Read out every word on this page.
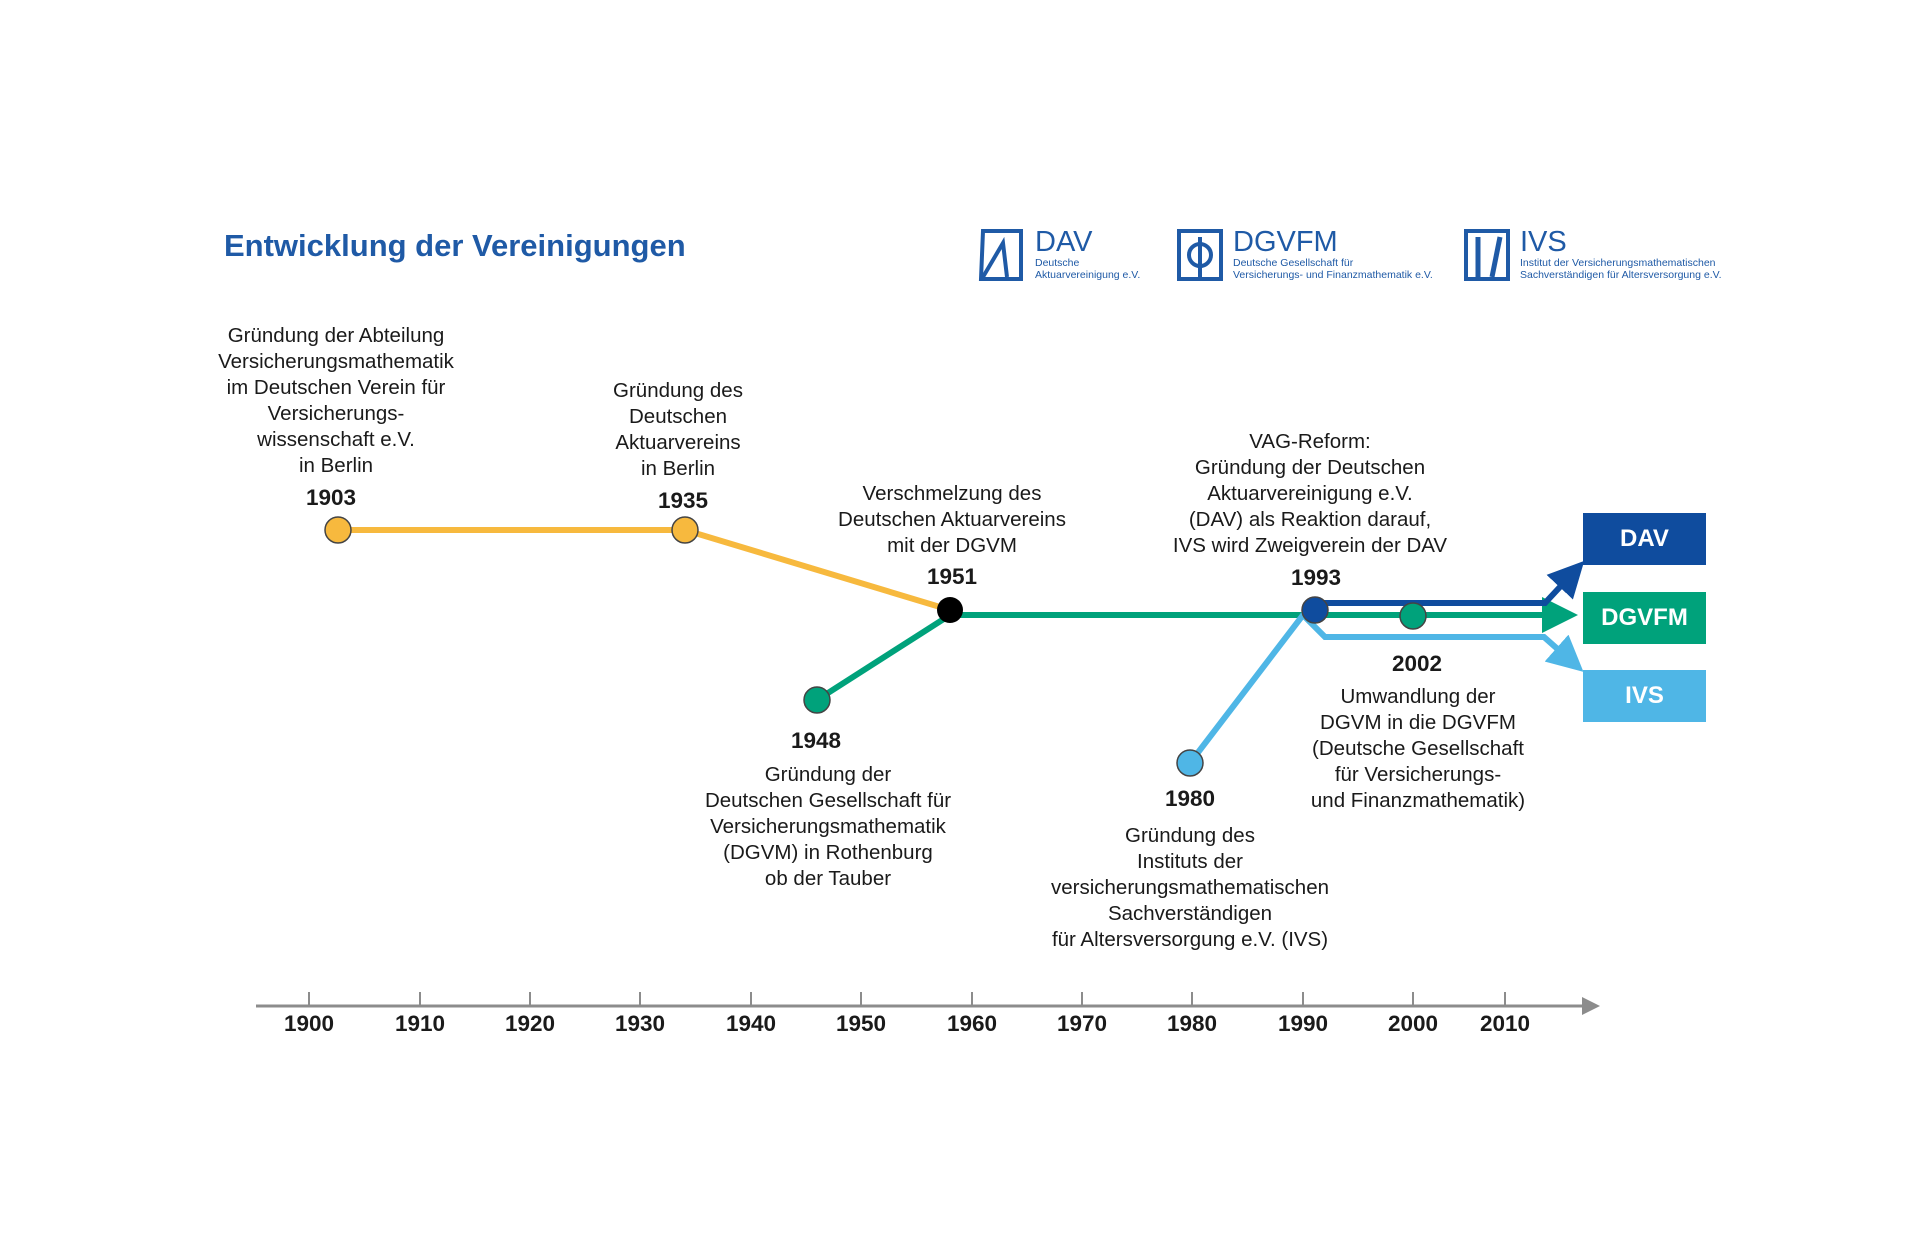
Entwicklung der Vereinigungen	DAV
Deutsche
Aktuarvereinigung e.V.
DGVFM
Deutsche Gesellschaft für
Versicherungs- und Finanzmathematik e.V.
IVS
Institut der Versicherungsmathematischen
Sachverständigen für Altersversorgung e.V.
1903	1935
1951
1948
1993
1980
2002
Gründung der Abteilung
Versicherungsmathematik
im Deutschen Verein für
Versicherungs-
wissenschaft e.V.
in Berlin
Gründung des
Deutschen
Aktuarvereins
in Berlin
Verschmelzung des
Deutschen Aktuarvereins
mit der DGVM
Gründung der
Deutschen Gesellschaft für
Versicherungsmathematik
(DGVM) in Rothenburg
ob der Tauber
VAG-Reform:
Gründung der Deutschen
Aktuarvereinigung e.V.
(DAV) als Reaktion darauf,
IVS wird Zweigverein der DAV
Gründung des
Instituts der
versicherungsmathematischen
Sachverständigen
für Altersversorgung e.V. (IVS)
Umwandlung der
DGVM in die DGVFM
(Deutsche Gesellschaft
für Versicherungs-
und Finanzmathematik)
DAV
DGVFM
IVS
1900	1910	1920	1930	1940	1950	1960	1970	1980	1990	2000	2010
